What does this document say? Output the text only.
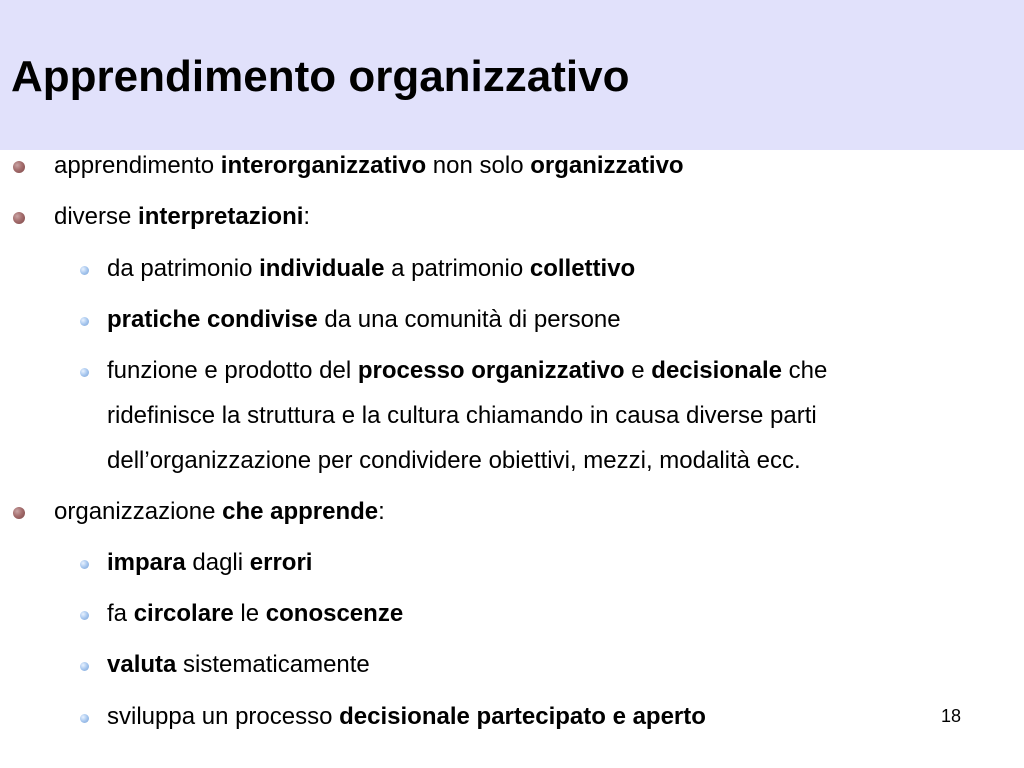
Apprendimento organizzativo
apprendimento interorganizzativo non solo organizzativo
diverse interpretazioni:
da patrimonio individuale a patrimonio collettivo
pratiche condivise da una comunità di persone
funzione e prodotto del processo organizzativo e decisionale che
ridefinisce la struttura e la cultura chiamando in causa diverse parti
dell’organizzazione per condividere obiettivi, mezzi, modalità ecc.
organizzazione che apprende:
impara dagli errori
fa circolare le conoscenze
valuta sistematicamente
sviluppa un processo decisionale partecipato e aperto	18
